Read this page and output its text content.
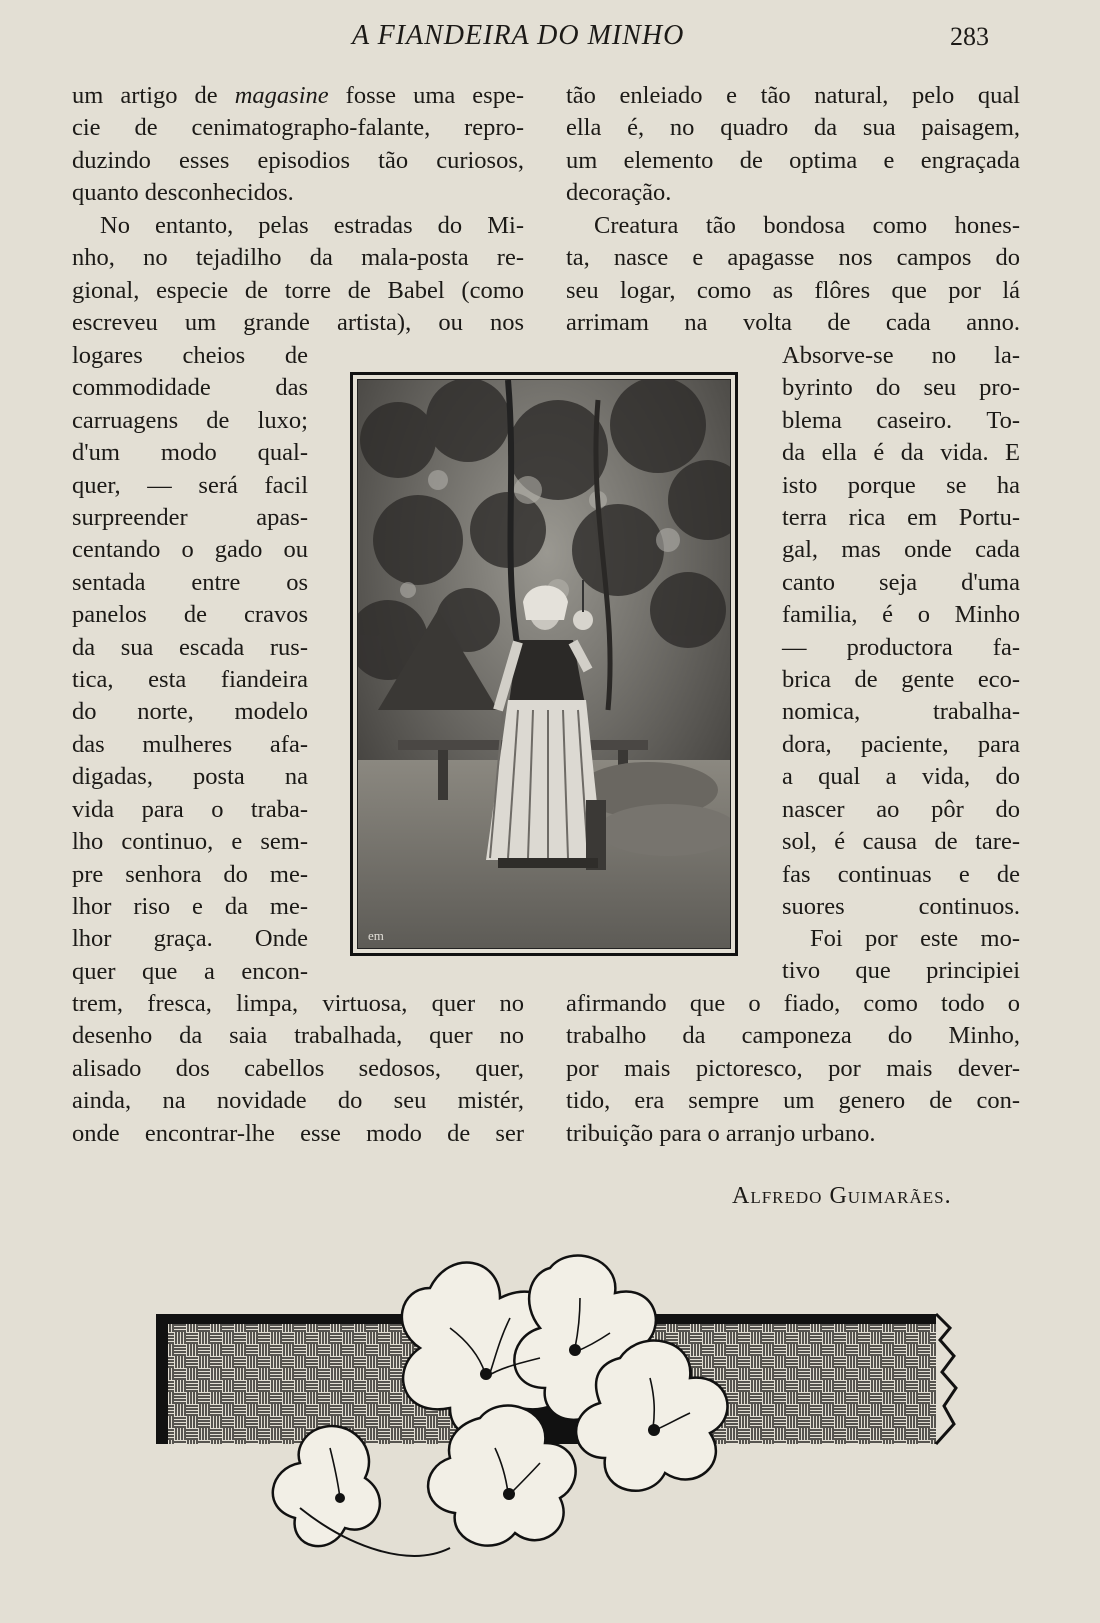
A FIANDEIRA DO MINHO	283
um artigo de magasine fosse uma espe-
cie de cenimatographo-falante, repro-
duzindo esses episodios tão curiosos,
quanto desconhecidos.
No entanto, pelas estradas do Mi-
nho, no tejadilho da mala-posta re-
gional, especie de torre de Babel (como
escreveu um grande artista), ou nos
logares cheios de
commodidade das
carruagens de luxo;
d'um modo qual-
quer, — será facil
surpreender apas-
centando o gado ou
sentada entre os
panelos de cravos
da sua escada rus-
tica, esta fiandeira
do norte, modelo
das mulheres afa-
digadas, posta na
vida para o traba-
lho continuo, e sem-
pre senhora do me-
lhor riso e da me-
lhor graça. Onde
quer que a encon-
trem, fresca, limpa, virtuosa, quer no
desenho da saia trabalhada, quer no
alisado dos cabellos sedosos, quer,
ainda, na novidade do seu mistér,
onde encontrar-lhe esse modo de ser
tão enleiado e tão natural, pelo qual
ella é, no quadro da sua paisagem,
um elemento de optima e engraçada
decoração.
Creatura tão bondosa como hones-
ta, nasce e apagasse nos campos do
seu logar, como as flôres que por lá
arrimam na volta de cada anno.
Absorve-se no la-
byrinto do seu pro-
blema caseiro. To-
da ella é da vida. E
isto porque se ha
terra rica em Portu-
gal, mas onde cada
canto seja d'uma
familia, é o Minho
— productora fa-
brica de gente eco-
nomica, trabalha-
dora, paciente, para
a qual a vida, do
nascer ao pôr do
sol, é causa de tare-
fas continuas e de
suores continuos.
Foi por este mo-
tivo que principiei
afirmando que o fiado, como todo o
trabalho da camponeza do Minho,
por mais pictoresco, por mais dever-
tido, era sempre um genero de con-
tribuição para o arranjo urbano.
em
Alfredo Guimarães.
